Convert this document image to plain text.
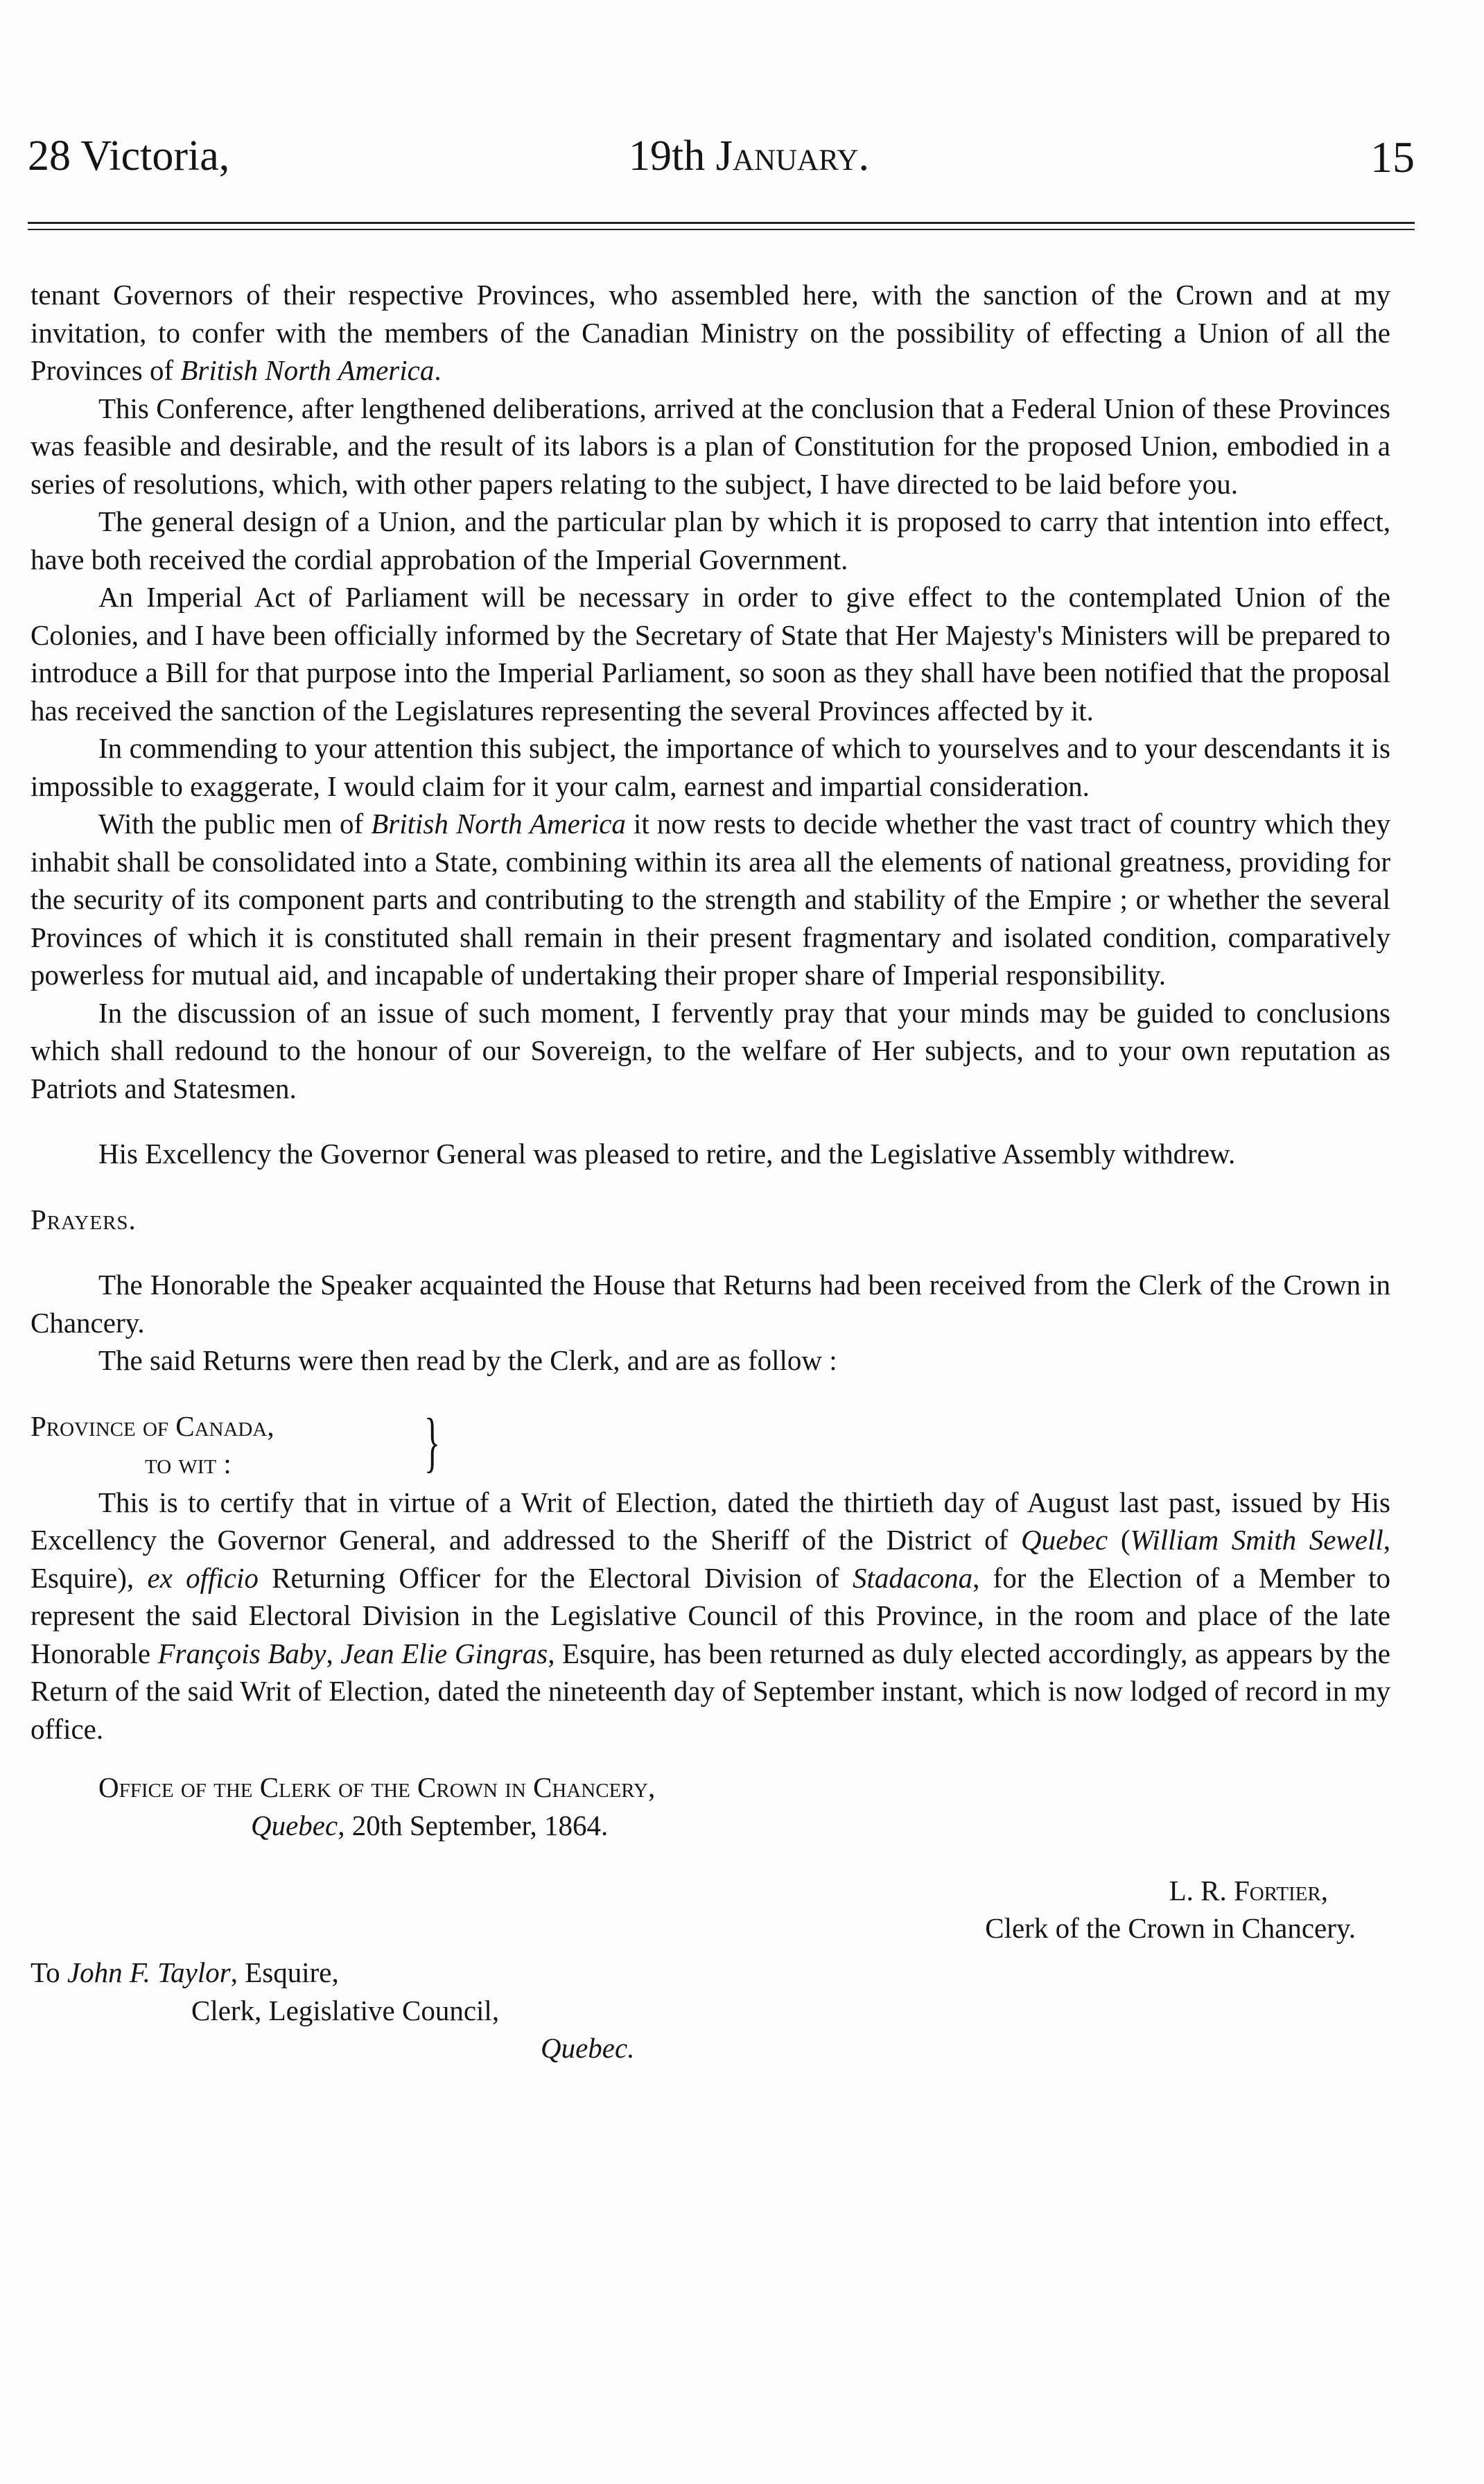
28 Victoria,	19th January.	15

tenant Governors of their respective Provinces, who assembled here, with the sanction of the Crown and at my invitation, to confer with the members of the Canadian Ministry on the possibility of effecting a Union of all the Provinces of British North America.

This Conference, after lengthened deliberations, arrived at the conclusion that a Federal Union of these Provinces was feasible and desirable, and the result of its labors is a plan of Constitution for the proposed Union, embodied in a series of resolutions, which, with other papers relating to the subject, I have directed to be laid before you.

The general design of a Union, and the particular plan by which it is proposed to carry that intention into effect, have both received the cordial approbation of the Imperial Government.

An Imperial Act of Parliament will be necessary in order to give effect to the contemplated Union of the Colonies, and I have been officially informed by the Secretary of State that Her Majesty's Ministers will be prepared to introduce a Bill for that purpose into the Imperial Parliament, so soon as they shall have been notified that the proposal has received the sanction of the Legislatures representing the several Provinces affected by it.

In commending to your attention this subject, the importance of which to yourselves and to your descendants it is impossible to exaggerate, I would claim for it your calm, earnest and impartial consideration.

With the public men of British North America it now rests to decide whether the vast tract of country which they inhabit shall be consolidated into a State, combining within its area all the elements of national greatness, providing for the security of its component parts and contributing to the strength and stability of the Empire ; or whether the several Provinces of which it is constituted shall remain in their present fragmentary and isolated condition, comparatively powerless for mutual aid, and incapable of undertaking their proper share of Imperial responsibility.

In the discussion of an issue of such moment, I fervently pray that your minds may be guided to conclusions which shall redound to the honour of our Sovereign, to the welfare of Her subjects, and to your own reputation as Patriots and Statesmen.

His Excellency the Governor General was pleased to retire, and the Legislative Assembly withdrew.

Prayers.

The Honorable the Speaker acquainted the House that Returns had been received from the Clerk of the Crown in Chancery.

The said Returns were then read by the Clerk, and are as follow :

Province of Canada,
to wit :	}

This is to certify that in virtue of a Writ of Election, dated the thirtieth day of August last past, issued by His Excellency the Governor General, and addressed to the Sheriff of the District of Quebec (William Smith Sewell, Esquire), ex officio Returning Officer for the Electoral Division of Stadacona, for the Election of a Member to represent the said Electoral Division in the Legislative Council of this Province, in the room and place of the late Honorable François Baby, Jean Elie Gingras, Esquire, has been returned as duly elected accordingly, as appears by the Return of the said Writ of Election, dated the nineteenth day of September instant, which is now lodged of record in my office.

Office of the Clerk of the Crown in Chancery,
Quebec, 20th September, 1864.
L. R. Fortier,
Clerk of the Crown in Chancery.
To John F. Taylor, Esquire,
Clerk, Legislative Council,
Quebec.
